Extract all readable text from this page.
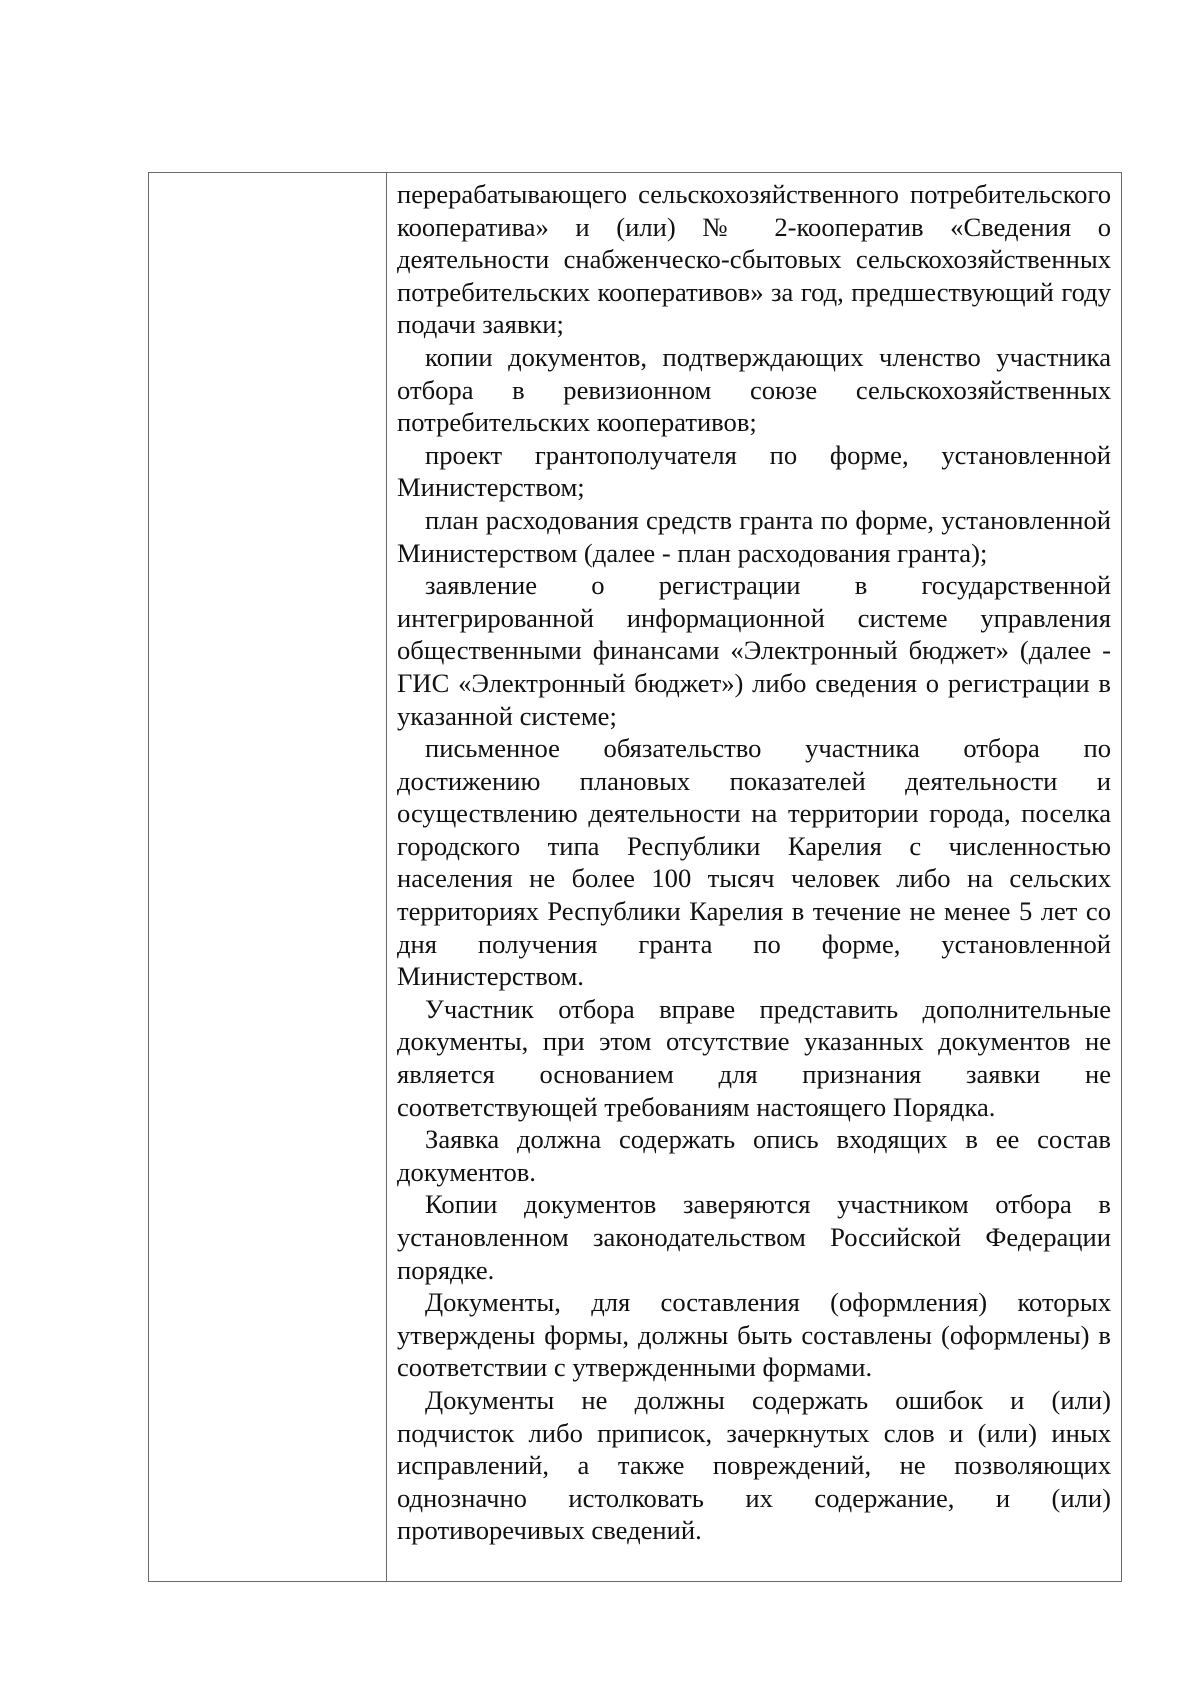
перерабатывающего сельскохозяйственного потребительского кооператива» и (или) № 2-кооператив «Сведения о деятельности снабженческо-сбытовых сельскохозяйственных потребительских кооперативов» за год, предшествующий году подачи заявки;

копии документов, подтверждающих членство участника отбора в ревизионном союзе сельскохозяйственных потребительских кооперативов;

проект грантополучателя по форме, установленной Министерством;

план расходования средств гранта по форме, установленной Министерством (далее - план расходования гранта);

заявление о регистрации в государственной интегрированной информационной системе управления общественными финансами «Электронный бюджет» (далее - ГИС «Электронный бюджет») либо сведения о регистрации в указанной системе;

письменное обязательство участника отбора по достижению плановых показателей деятельности и осуществлению деятельности на территории города, поселка городского типа Республики Карелия с численностью населения не более 100 тысяч человек либо на сельских территориях Республики Карелия в течение не менее 5 лет со дня получения гранта по форме, установленной Министерством.

Участник отбора вправе представить дополнительные документы, при этом отсутствие указанных документов не является основанием для признания заявки не соответствующей требованиям настоящего Порядка.

Заявка должна содержать опись входящих в ее состав документов.

Копии документов заверяются участником отбора в установленном законодательством Российской Федерации порядке.

Документы, для составления (оформления) которых утверждены формы, должны быть составлены (оформлены) в соответствии с утвержденными формами.

Документы не должны содержать ошибок и (или) подчисток либо приписок, зачеркнутых слов и (или) иных исправлений, а также повреждений, не позволяющих однозначно истолковать их содержание, и (или) противоречивых сведений.
